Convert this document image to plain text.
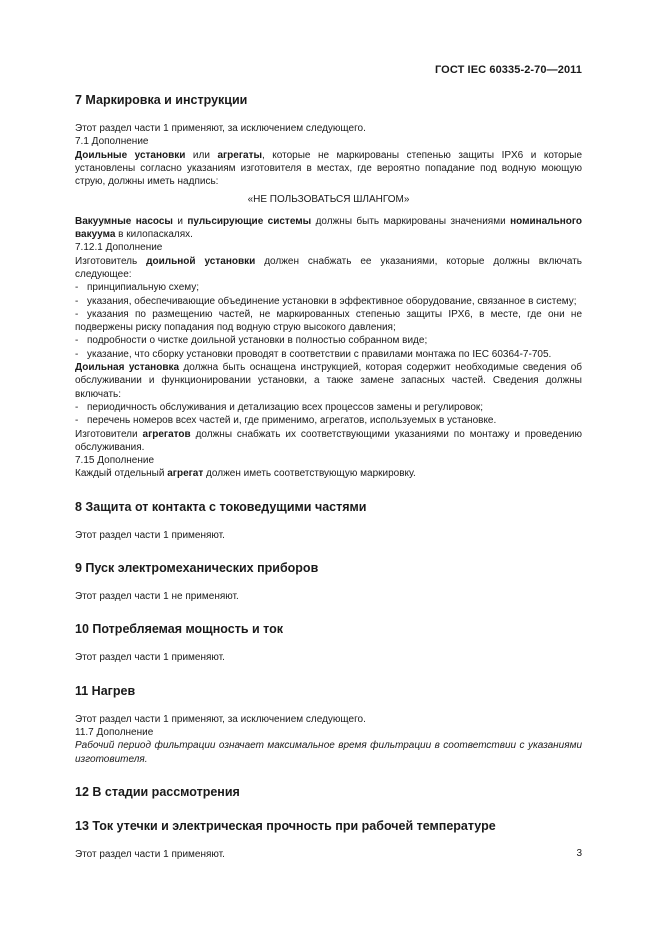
ГОСТ IEC 60335-2-70—2011
7 Маркировка и инструкции

Этот раздел части 1 применяют, за исключением следующего.

7.1 Дополнение

Доильные установки или агрегаты, которые не маркированы степенью защиты IPX6 и которые установлены согласно указаниям изготовителя в местах, где вероятно попадание под водную моющую струю, должны иметь надпись:

«НЕ ПОЛЬЗОВАТЬСЯ ШЛАНГОМ»

Вакуумные насосы и пульсирующие системы должны быть маркированы значениями номинального вакуума в килопаскалях.

7.12.1 Дополнение

Изготовитель доильной установки должен снабжать ее указаниями, которые должны включать следующее:

- принципиальную схему;

- указания, обеспечивающие объединение установки в эффективное оборудование, связанное в систему;

- указания по размещению частей, не маркированных степенью защиты IPX6, в месте, где они не подвержены риску попадания под водную струю высокого давления;

- подробности о чистке доильной установки в полностью собранном виде;

- указание, что сборку установки проводят в соответствии с правилами монтажа по IEC 60364-7-705.

Доильная установка должна быть оснащена инструкцией, которая содержит необходимые сведения об обслуживании и функционировании установки, а также замене запасных частей. Сведения должны включать:

- периодичность обслуживания и детализацию всех процессов замены и регулировок;

- перечень номеров всех частей и, где применимо, агрегатов, используемых в установке.

Изготовители агрегатов должны снабжать их соответствующими указаниями по монтажу и проведению обслуживания.

7.15 Дополнение

Каждый отдельный агрегат должен иметь соответствующую маркировку.

8 Защита от контакта с токоведущими частями

Этот раздел части 1 применяют.

9 Пуск электромеханических приборов

Этот раздел части 1 не применяют.

10 Потребляемая мощность и ток

Этот раздел части 1 применяют.

11 Нагрев

Этот раздел части 1 применяют, за исключением следующего.

11.7 Дополнение

Рабочий период фильтрации означает максимальное время фильтрации в соответствии с указаниями изготовителя.

12 В стадии рассмотрения
13 Ток утечки и электрическая прочность при рабочей температуре

Этот раздел части 1 применяют.	3
